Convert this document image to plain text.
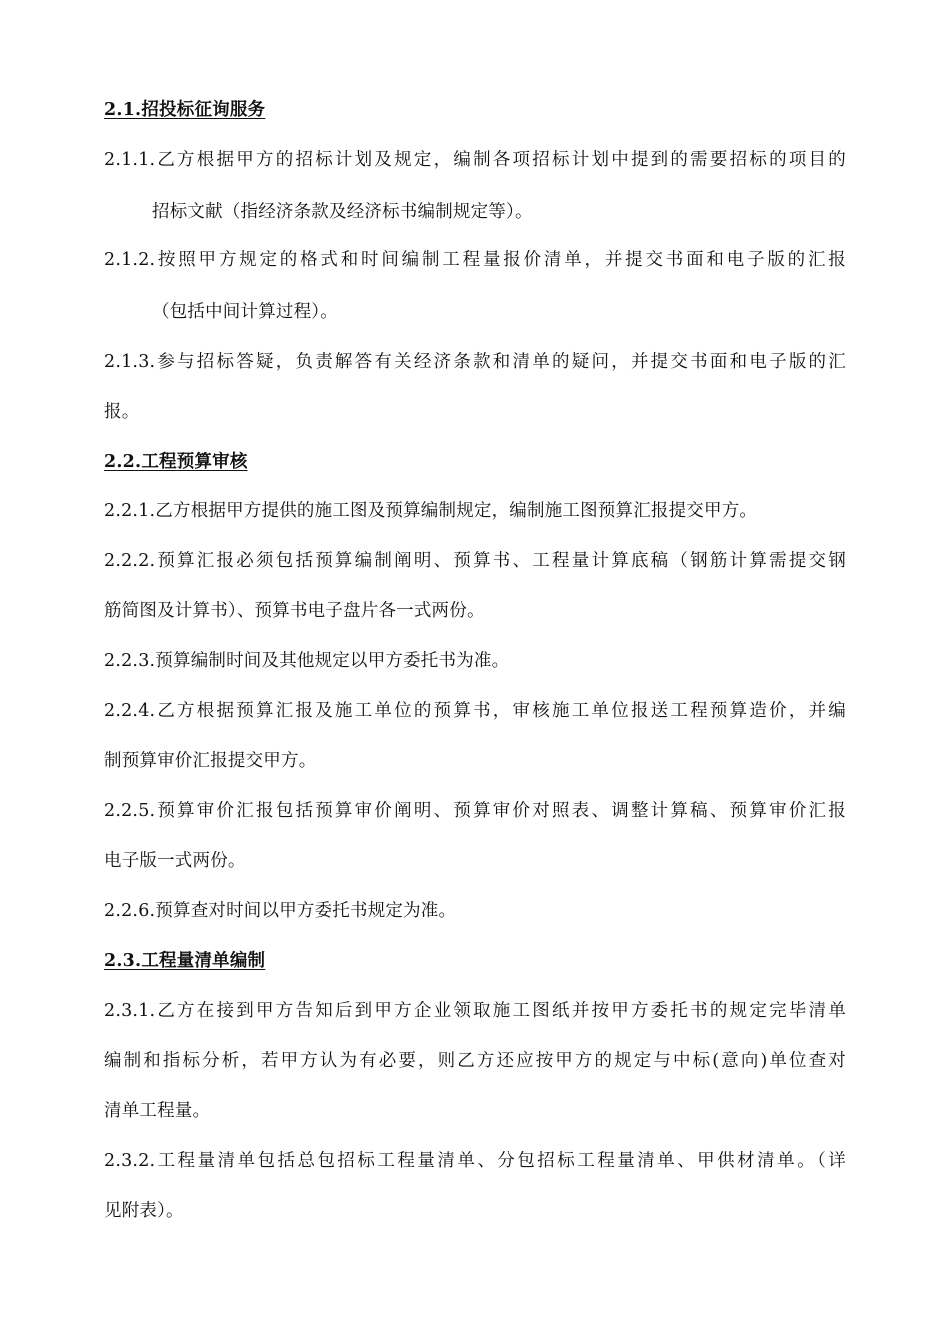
2.1.招投标征询服务
2.1.1.乙方根据甲方的招标计划及规定，编制各项招标计划中提到的需要招标的项目的
招标文献（指经济条款及经济标书编制规定等）。
2.1.2.按照甲方规定的格式和时间编制工程量报价清单，并提交书面和电子版的汇报
（包括中间计算过程）。
2.1.3.参与招标答疑，负责解答有关经济条款和清单的疑问，并提交书面和电子版的汇
报。
2.2.工程预算审核
2.2.1.乙方根据甲方提供的施工图及预算编制规定，编制施工图预算汇报提交甲方。
2.2.2.预算汇报必须包括预算编制阐明、预算书、工程量计算底稿（钢筋计算需提交钢
筋简图及计算书）、预算书电子盘片各一式两份。
2.2.3.预算编制时间及其他规定以甲方委托书为准。
2.2.4.乙方根据预算汇报及施工单位的预算书，审核施工单位报送工程预算造价，并编
制预算审价汇报提交甲方。
2.2.5.预算审价汇报包括预算审价阐明、预算审价对照表、调整计算稿、预算审价汇报
电子版一式两份。
2.2.6.预算查对时间以甲方委托书规定为准。
2.3.工程量清单编制
2.3.1.乙方在接到甲方告知后到甲方企业领取施工图纸并按甲方委托书的规定完毕清单
编制和指标分析，若甲方认为有必要，则乙方还应按甲方的规定与中标(意向)单位查对
清单工程量。
2.3.2.工程量清单包括总包招标工程量清单、分包招标工程量清单、甲供材清单。（详
见附表）。
